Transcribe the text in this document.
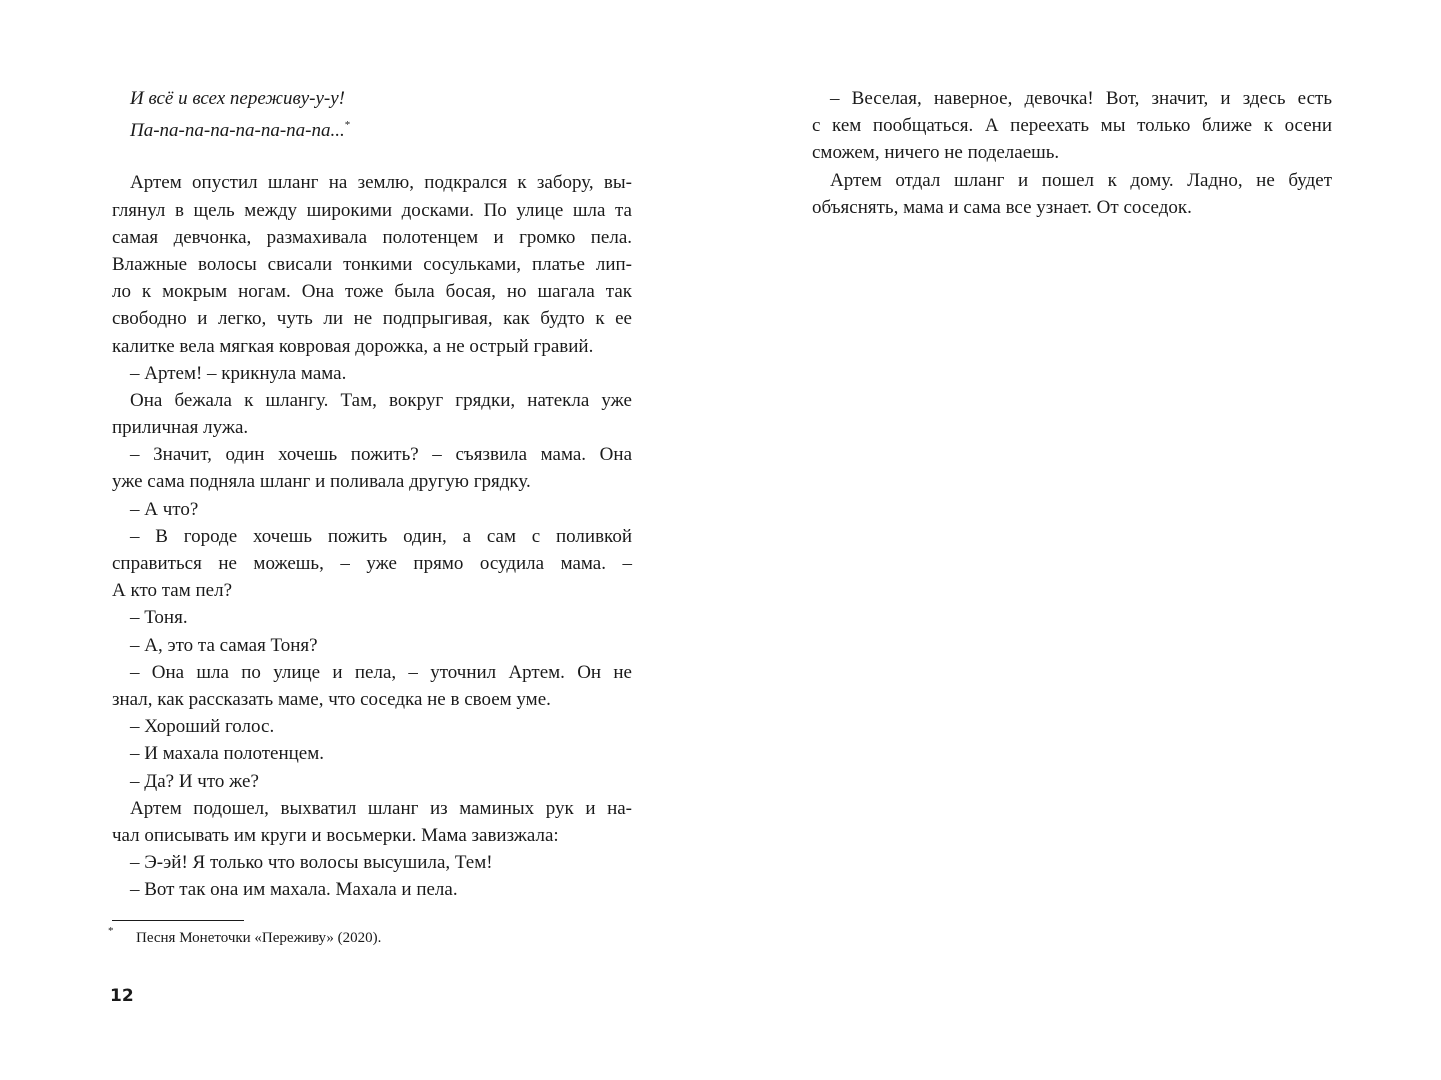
И всё и всех переживу-у-у!
Па-па-па-па-па-па-па-па...*
Артем опустил шланг на землю, подкрался к забору, вы-
глянул в щель между широкими досками. По улице шла та
самая девчонка, размахивала полотенцем и громко пела.
Влажные волосы свисали тонкими сосульками, платье лип-
ло к мокрым ногам. Она тоже была босая, но шагала так
свободно и легко, чуть ли не подпрыгивая, как будто к ее
калитке вела мягкая ковровая дорожка, а не острый гравий.
– Артем! – крикнула мама.
Она бежала к шлангу. Там, вокруг грядки, натекла уже
приличная лужа.
– Значит, один хочешь пожить? – съязвила мама. Она
уже сама подняла шланг и поливала другую грядку.
– А что?
– В городе хочешь пожить один, а сам с поливкой
справиться не можешь, – уже прямо осудила мама. –
А кто там пел?
– Тоня.
– А, это та самая Тоня?
– Она шла по улице и пела, – уточнил Артем. Он не
знал, как рассказать маме, что соседка не в своем уме.
– Хороший голос.
– И махала полотенцем.
– Да? И что же?
Артем подошел, выхватил шланг из маминых рук и на-
чал описывать им круги и восьмерки. Мама завизжала:
– Э-эй! Я только что волосы высушила, Тем!
– Вот так она им махала. Махала и пела.
*	Песня Монеточки «Переживу» (2020).
12
– Веселая, наверное, девочка! Вот, значит, и здесь есть
с кем пообщаться. А переехать мы только ближе к осени
сможем, ничего не поделаешь.
Артем отдал шланг и пошел к дому. Ладно, не будет
объяснять, мама и сама все узнает. От соседок.
